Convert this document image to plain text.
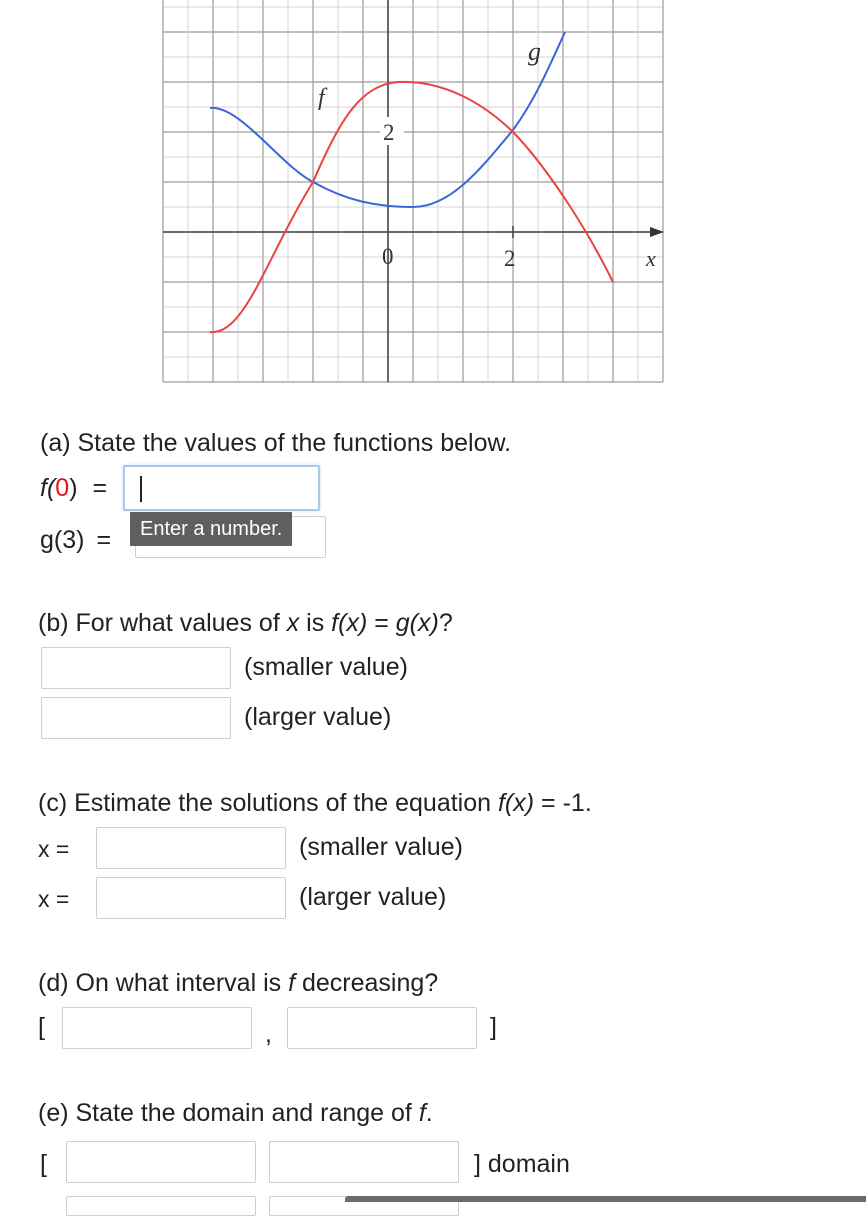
2
0	2	x
f
g
(a) State the values of the functions below.
f(0) =
g(3) =	Enter a number.
(b) For what values of x is f(x) = g(x)?
(smaller value)
(larger value)
(c) Estimate the solutions of the equation f(x) = -1.
x =	(smaller value)
x =	(larger value)
(d) On what interval is f decreasing?
[	,	]
(e) State the domain and range of f.
[	] domain
